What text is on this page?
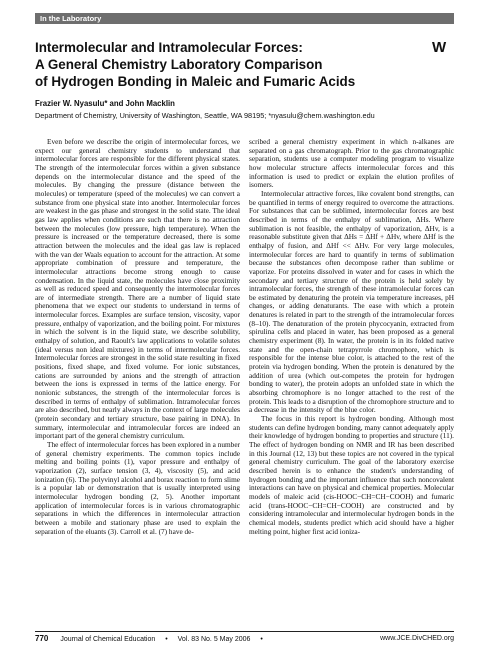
In the Laboratory
Intermolecular and Intramolecular Forces:
A General Chemistry Laboratory Comparison
of Hydrogen Bonding in Maleic and Fumaric Acids
W
Frazier W. Nyasulu* and John Macklin
Department of Chemistry, University of Washington, Seattle, WA 98195; *nyasulu@chem.washington.edu

Even before we describe the origin of intermolecular forces, we expect our general chemistry students to understand that intermolecular forces are responsible for the different physical states. The strength of the intermolecular forces within a given substance depends on the intermolecular distance and the speed of the molecules. By changing the pressure (distance between the molecules) or temperature (speed of the molecules) we can convert a substance from one physical state into another. Intermolecular forces are weakest in the gas phase and strongest in the solid state. The ideal gas law applies when conditions are such that there is no attraction between the molecules (low pressure, high temperature). When the pressure is increased or the temperature decreased, there is some attraction between the molecules and the ideal gas law is replaced with the van der Waals equation to account for the attraction. At some appropriate combination of pressure and temperature, the intermolecular attractions become strong enough to cause condensation. In the liquid state, the molecules have close proximity as well as reduced speed and consequently the intermolecular forces are of intermediate strength. There are a number of liquid state phenomena that we expect our students to understand in terms of intermolecular forces. Examples are surface tension, viscosity, vapor pressure, enthalpy of vaporization, and the boiling point. For mixtures in which the solvent is in the liquid state, we describe solubility, enthalpy of solution, and Raoult's law applications to volatile solutes (ideal versus non ideal mixtures) in terms of intermolecular forces. Intermolecular forces are strongest in the solid state resulting in fixed positions, fixed shape, and fixed volume. For ionic substances, cations are surrounded by anions and the strength of attraction between the ions is expressed in terms of the lattice energy. For nonionic substances, the strength of the intermolecular forces is described in terms of enthalpy of sublimation. Intramolecular forces are also described, but nearly always in the context of large molecules (protein secondary and tertiary structure, base pairing in DNA). In summary, intermolecular and intramolecular forces are indeed an important part of the general chemistry curriculum.

The effect of intermolecular forces has been explored in a number of general chemistry experiments. The common topics include melting and boiling points (1), vapor pressure and enthalpy of vaporization (2), surface tension (3, 4), viscosity (5), and acid ionization (6). The polyvinyl alcohol and borax reaction to form slime is a popular lab or demonstration that is usually interpreted using intermolecular hydrogen bonding (2, 5). Another important application of intermolecular forces is in various chromatographic separations in which the differences in intermolecular attraction between a mobile and stationary phase are used to explain the separation of the eluants (3). Carroll et al. (7) have de-

scribed a general chemistry experiment in which n-alkanes are separated on a gas chromatograph. Prior to the gas chromatographic separation, students use a computer modeling program to visualize how molecular structure affects intermolecular forces and this information is used to predict or explain the elution profiles of isomers.

Intermolecular attractive forces, like covalent bond strengths, can be quantified in terms of energy required to overcome the attractions. For substances that can be sublimed, intermolecular forces are best described in terms of the enthalpy of sublimation, ΔHs. Where sublimation is not feasible, the enthalpy of vaporization, ΔHv, is a reasonable substitute given that ΔHs = ΔHf + ΔHv, where ΔHf is the enthalpy of fusion, and ΔHf << ΔHv. For very large molecules, intermolecular forces are hard to quantify in terms of sublimation because the substances often decompose rather than sublime or vaporize. For proteins dissolved in water and for cases in which the secondary and tertiary structure of the protein is held solely by intramolecular forces, the strength of these intramolecular forces can be estimated by denaturing the protein via temperature increases, pH changes, or adding denaturants. The ease with which a protein denatures is related in part to the strength of the intramolecular forces (8–10). The denaturation of the protein phycocyanin, extracted from spirulina cells and placed in water, has been proposed as a general chemistry experiment (8). In water, the protein is in its folded native state and the open-chain tetrapyrrole chromophore, which is responsible for the intense blue color, is attached to the rest of the protein via hydrogen bonding. When the protein is denatured by the addition of urea (which out-competes the protein for hydrogen bonding to water), the protein adopts an unfolded state in which the absorbing chromophore is no longer attached to the rest of the protein. This leads to a disruption of the chromophore structure and to a decrease in the intensity of the blue color.

The focus in this report is hydrogen bonding. Although most students can define hydrogen bonding, many cannot adequately apply their knowledge of hydrogen bonding to properties and structure (11). The effect of hydrogen bonding on NMR and IR has been described in this Journal (12, 13) but these topics are not covered in the typical general chemistry curriculum. The goal of the laboratory exercise described herein is to enhance the student's understanding of hydrogen bonding and the important influence that such noncovalent interactions can have on physical and chemical properties. Molecular models of maleic acid (cis-HOOC−CH=CH−COOH) and fumaric acid (trans-HOOC−CH=CH−COOH) are constructed and by considering intramolecular and intermolecular hydrogen bonds in the chemical models, students predict which acid should have a higher melting point, higher first acid ioniza-

770 Journal of Chemical Education • Vol. 83 No. 5 May 2006 •	www.JCE.DivCHED.org
